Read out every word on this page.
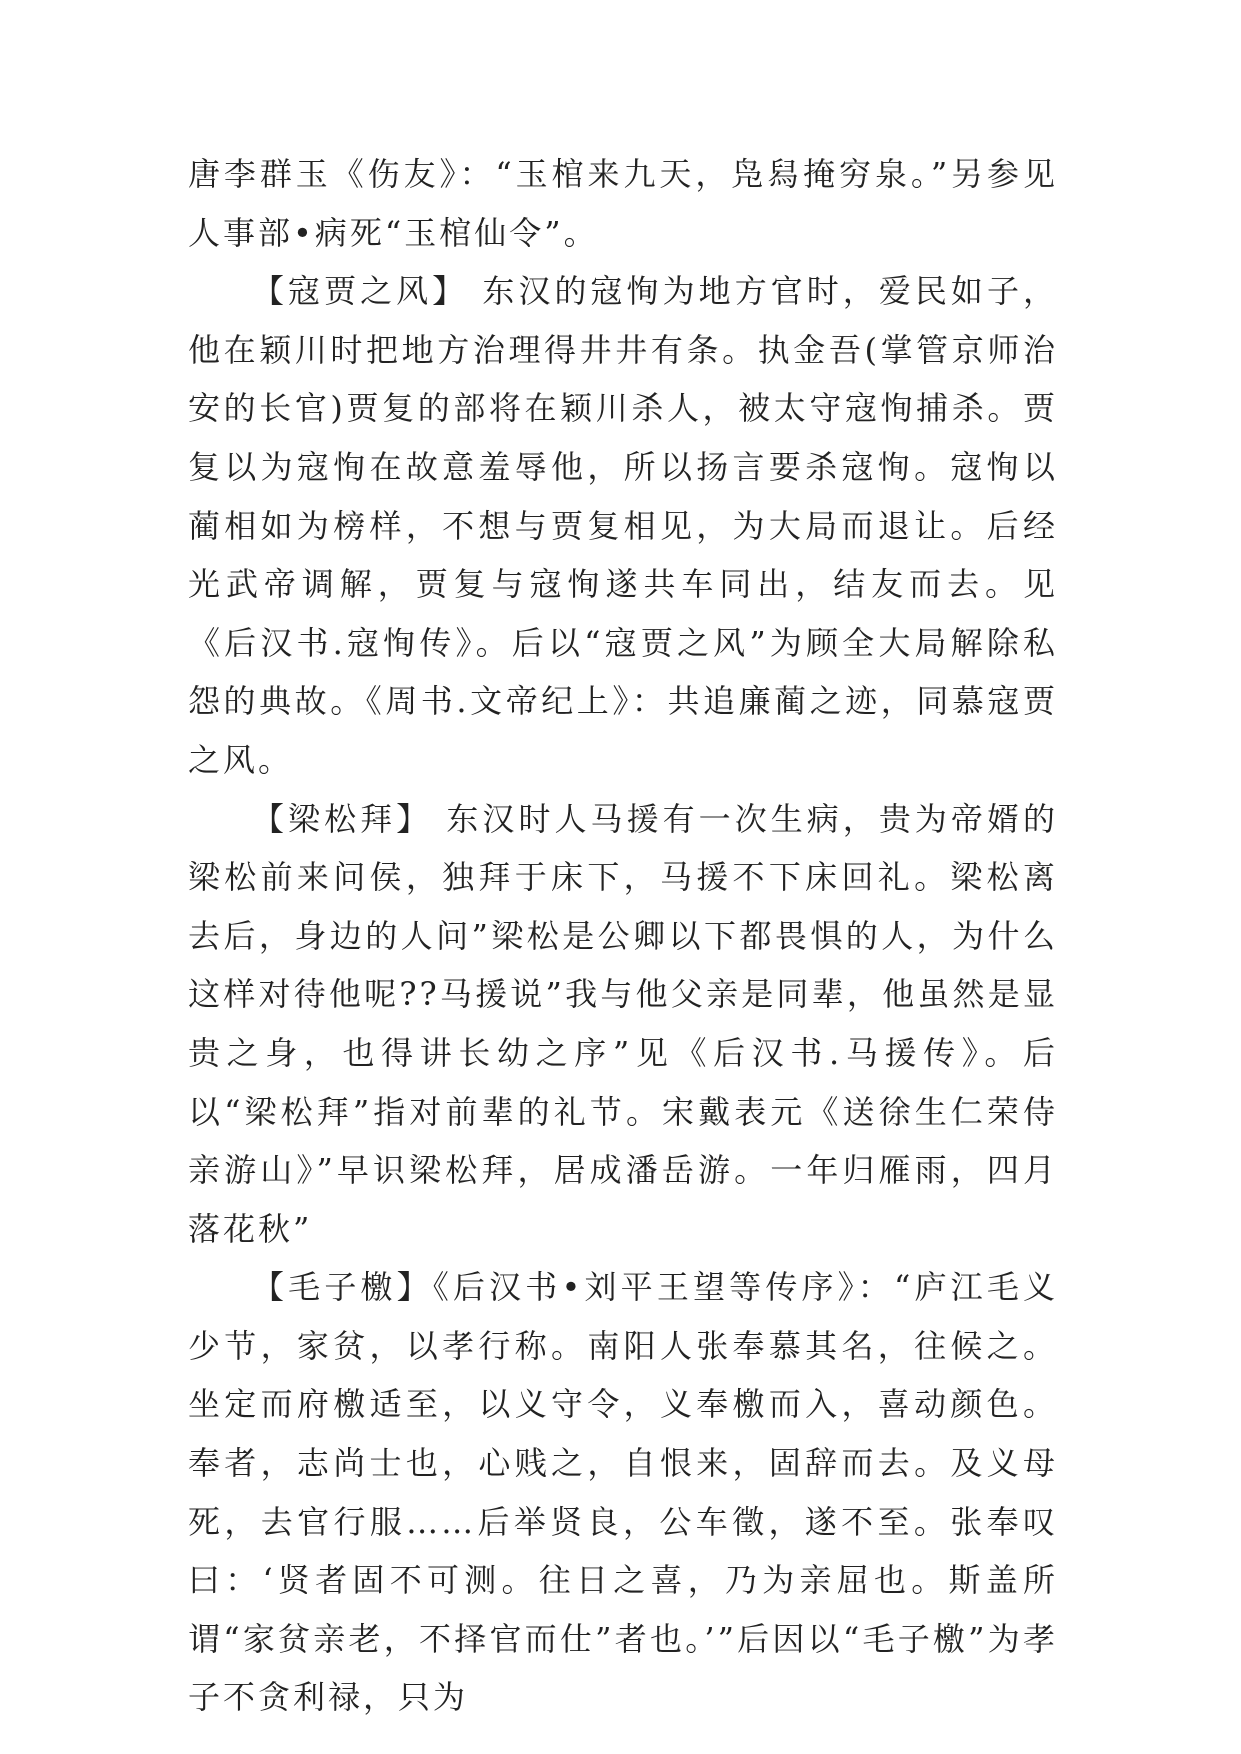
唐李群玉《伤友》：“玉棺来九天，凫舄掩穷泉。”另参见人事部•病死“玉棺仙令”。

【寇贾之风】 东汉的寇恂为地方官时，爱民如子，他在颖川时把地方治理得井井有条。执金吾(掌管京师治安的长官)贾复的部将在颖川杀人，被太守寇恂捕杀。贾复以为寇恂在故意羞辱他，所以扬言要杀寇恂。寇恂以蔺相如为榜样，不想与贾复相见，为大局而退让。后经光武帝调解，贾复与寇恂遂共车同出，结友而去。见《后汉书.寇恂传》。后以“寇贾之风”为顾全大局解除私怨的典故。《周书.文帝纪上》：共追廉蔺之迹，同慕寇贾之风。

【梁松拜】 东汉时人马援有一次生病，贵为帝婿的梁松前来问侯，独拜于床下，马援不下床回礼。梁松离去后，身边的人问”梁松是公卿以下都畏惧的人，为什么这样对待他呢??马援说”我与他父亲是同辈，他虽然是显贵之身，也得讲长幼之序”见《后汉书.马援传》。后以“梁松拜”指对前辈的礼节。宋戴表元《送徐生仁荣侍亲游山》”早识梁松拜，居成潘岳游。一年归雁雨，四月落花秋”

【毛子檄】《后汉书•刘平王望等传序》：“庐江毛义少节，家贫，以孝行称。南阳人张奉慕其名，往候之。坐定而府檄适至，以义守令，义奉檄而入，喜动颜色。奉者，志尚士也，心贱之，自恨来，固辞而去。及义母死，去官行服……后举贤良，公车徵，遂不至。张奉叹曰：‘贤者固不可测。往日之喜，乃为亲屈也。斯盖所谓“家贫亲老，不择官而仕”者也。’”后因以“毛子檄”为孝子不贪利禄，只为
